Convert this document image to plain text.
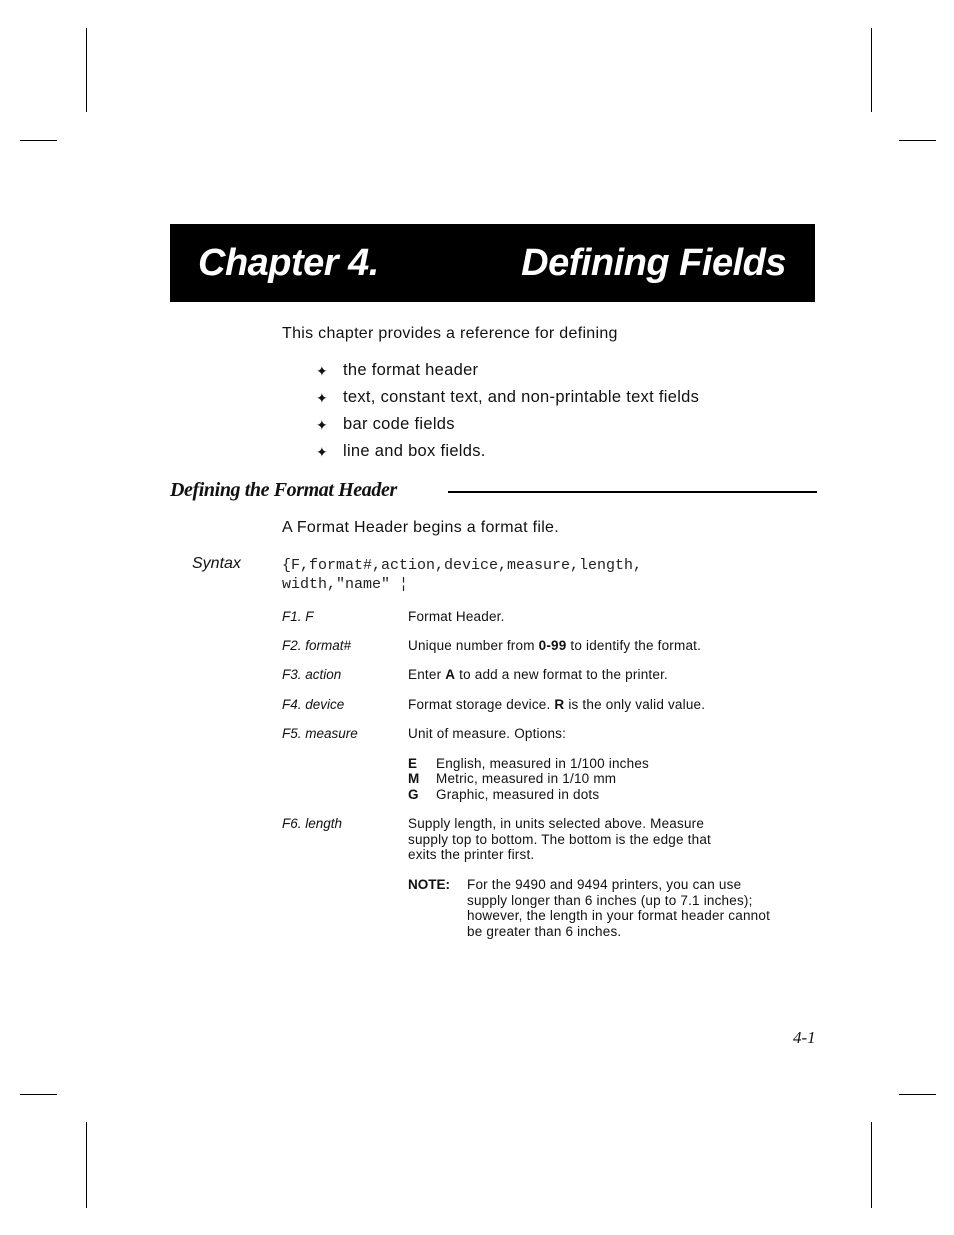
Chapter 4.	Defining Fields
This chapter provides a reference for defining
✦ the format header
✦ text, constant text, and non-printable text fields
✦ bar code fields
✦ line and box fields.
Defining the Format Header
A Format Header begins a format file.
Syntax	{F,format#,action,device,measure,length,
width,"name" ¦
F1. F	Format Header.
F2. format#	Unique number from 0-99 to identify the format.
F3. action	Enter A to add a new format to the printer.
F4. device	Format storage device. R is the only valid value.
F5. measure	Unit of measure. Options:
E English, measured in 1/100 inches
M Metric, measured in 1/10 mm
G Graphic, measured in dots
F6. length	Supply length, in units selected above. Measure
supply top to bottom. The bottom is the edge that
exits the printer first.
NOTE: For the 9490 and 9494 printers, you can use
supply longer than 6 inches (up to 7.1 inches);
however, the length in your format header cannot
be greater than 6 inches.
4-1
